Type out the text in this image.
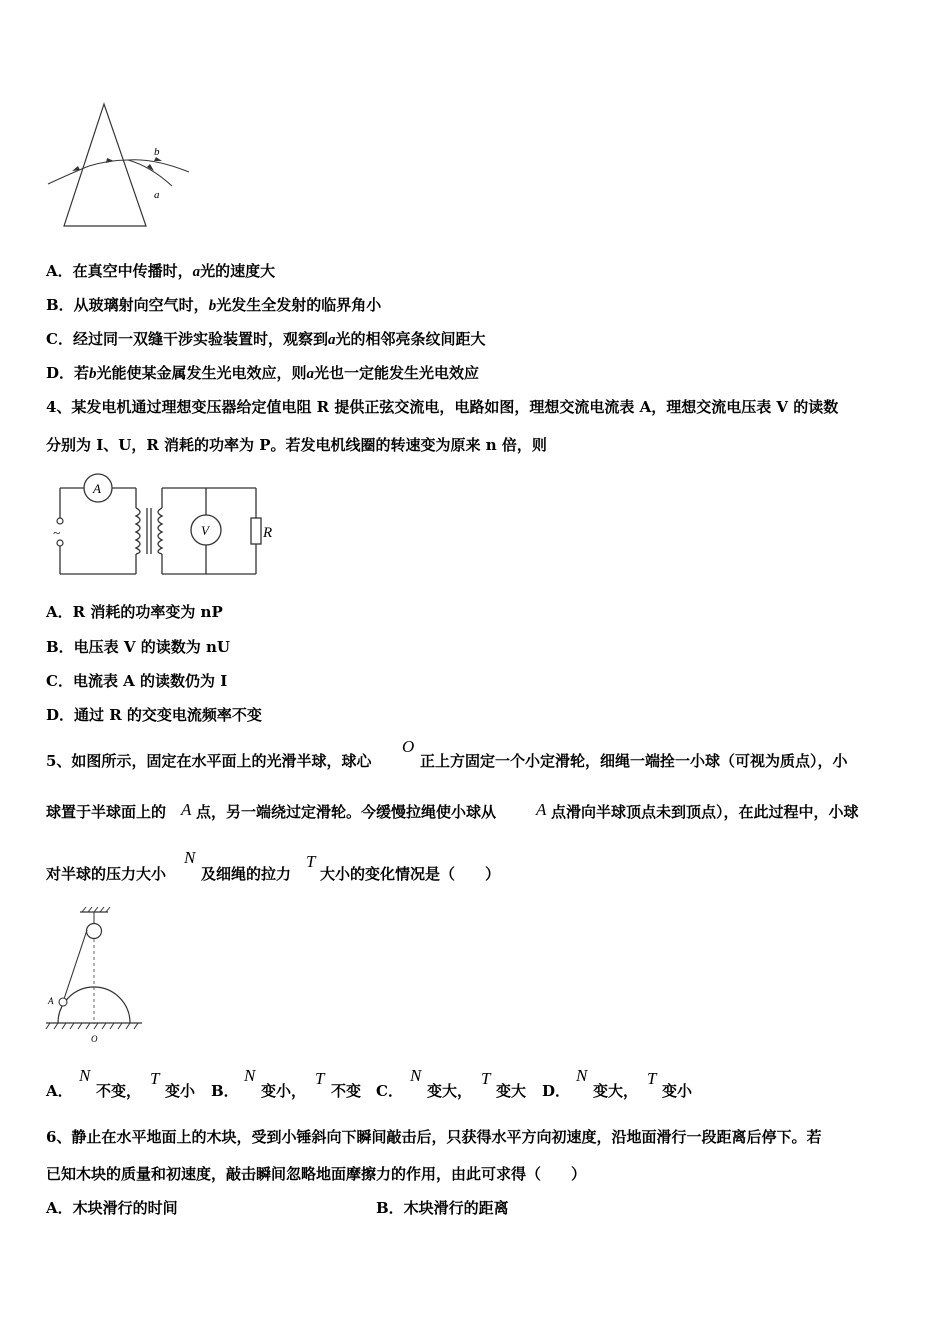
b
a
A．在真空中传播时，a光的速度大
B．从玻璃射向空气时，b光发生全发射的临界角小
C．经过同一双缝干涉实验装置时，观察到a光的相邻亮条纹间距大
D．若b光能使某金属发生光电效应，则a光也一定能发生光电效应
4、某发电机通过理想变压器给定值电阻 R 提供正弦交流电，电路如图，理想交流电流表 A，理想交流电压表 V 的读数
分别为 I、U，R 消耗的功率为 P。若发电机线圈的转速变为原来 n 倍，则
~
A
V	R
A．R 消耗的功率变为 nP
B．电压表 V 的读数为 nU
C．电流表 A 的读数仍为 I
D．通过 R 的交变电流频率不变
5、如图所示，固定在水平面上的光滑半球，球心
O
正上方固定一个小定滑轮，细绳一端拴一小球（可视为质点），小
球置于半球面上的 A 点，另一端绕过定滑轮。今缓慢拉绳使小球从 A 点滑向半球顶点未到顶点），在此过程中，小球
对半球的压力大小
N
及细绳的拉力
T
大小的变化情况是（　　）
A
O
A．
N
不变，
T
变小 B．
N
变小，
T
不变 C．
N
变大，
T
变大 D．
N
变大，
T
变小
6、静止在水平地面上的木块，受到小锤斜向下瞬间敲击后，只获得水平方向初速度，沿地面滑行一段距离后停下。若
已知木块的质量和初速度，敲击瞬间忽略地面摩擦力的作用，由此可求得（　　）
A．木块滑行的时间	B．木块滑行的距离
